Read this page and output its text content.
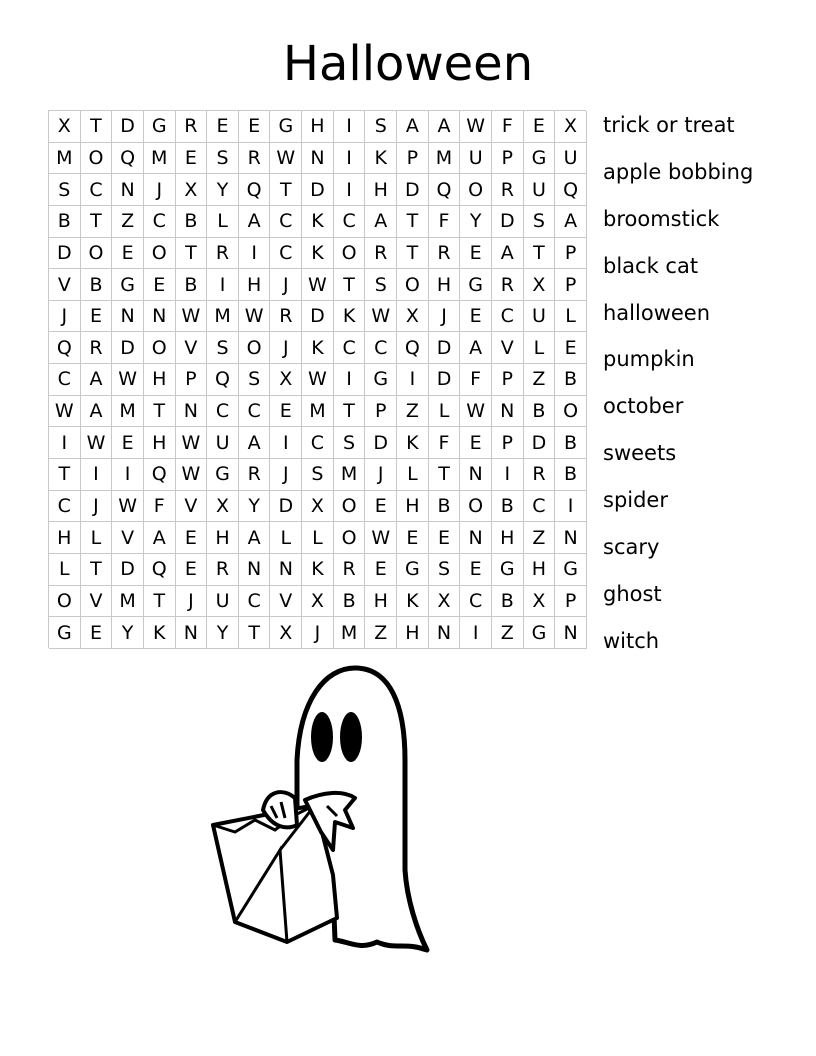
Halloween
X	T D G R	E	E G H	I	S	A A W F	E	X
M O Q M E	S	R W N	I	K	P M U P G U
S C N	J	X	Y Q T D	I	H D Q O R U Q
B	T	Z C B	L	A C K C A	T	F	Y D S	A
D O E O T	R	I	C K O R	T	R	E	A	T	P
V B G E	B	I	H	J	W T	S O H G R X	P
J	E N N W M W R D K W X	J	E C U	L
Q R D O V	S O	J	K C C Q D A V	L	E
C A W H P Q S	X W	I	G	I	D F	P	Z B
W A M T N C C	E M T	P	Z	L W N B O
I	W E H W U A	I	C S D K	F	E	P D B
T	I	I	Q W G R	J	S M	J	L	T N	I	R B
C	J	W F	V X	Y D X O E H B O B C	I
H	L	V A	E H A	L	L O W E	E N H Z N
L	T D Q E	R N N K R	E G S	E G H G
O V M T	J	U C V X B H K X C B X	P
G E	Y	K N Y	T	X	J	M Z H N	I	Z G N
trick or treat
apple bobbing
broomstick
black cat
halloween
pumpkin
october
sweets
spider
scary
ghost
witch
